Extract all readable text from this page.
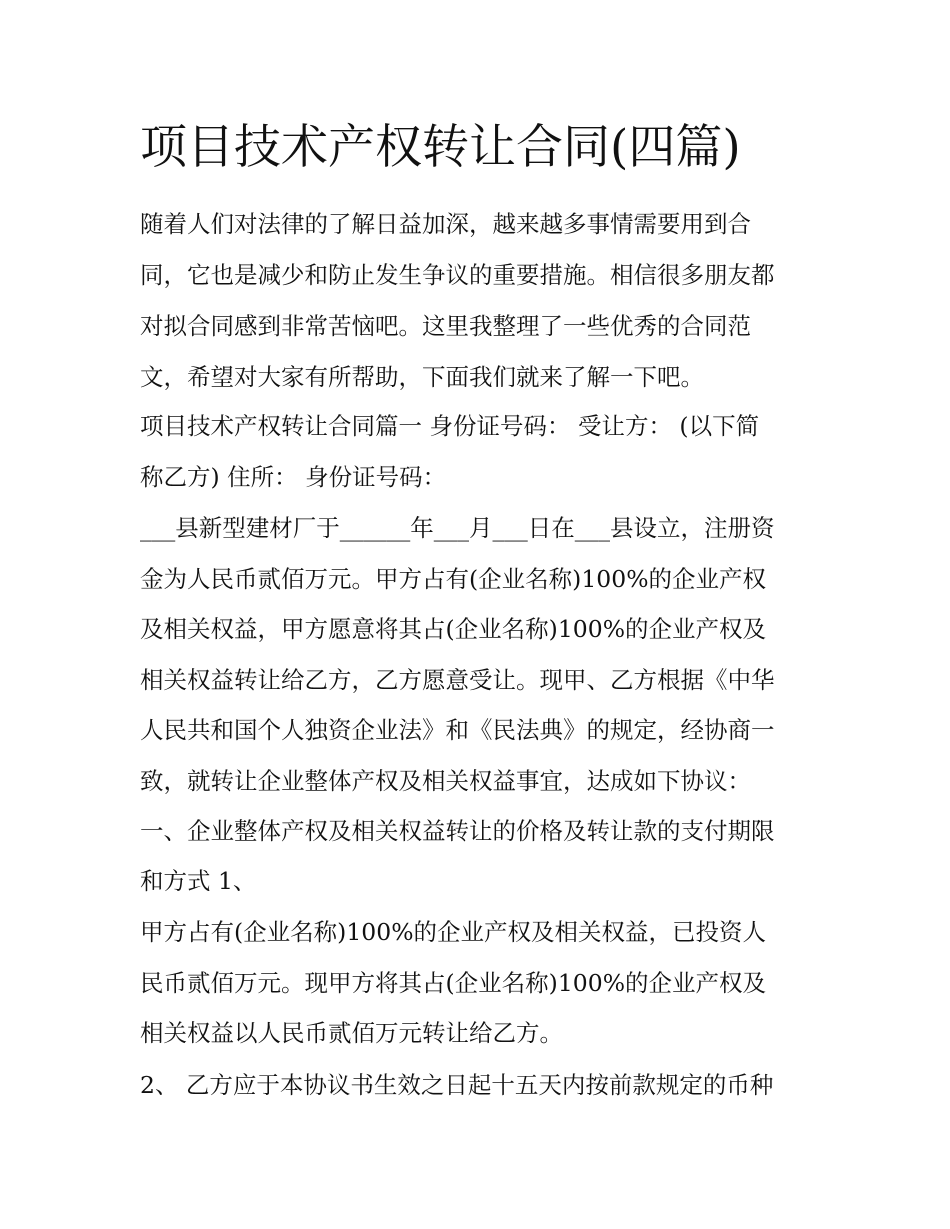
项目技术产权转让合同(四篇)

随着人们对法律的了解日益加深，越来越多事情需要用到合

同，它也是减少和防止发生争议的重要措施。相信很多朋友都

对拟合同感到非常苦恼吧。这里我整理了一些优秀的合同范

文，希望对大家有所帮助，下面我们就来了解一下吧。

项目技术产权转让合同篇一 身份证号码： 受让方： (以下简

称乙方) 住所： 身份证号码：

___县新型建材厂于______年___月___日在___县设立，注册资

金为人民币贰佰万元。甲方占有(企业名称)100%的企业产权

及相关权益，甲方愿意将其占(企业名称)100%的企业产权及

相关权益转让给乙方，乙方愿意受让。现甲、乙方根据《中华

人民共和国个人独资企业法》和《民法典》的规定，经协商一

致，就转让企业整体产权及相关权益事宜，达成如下协议：

一、企业整体产权及相关权益转让的价格及转让款的支付期限

和方式 1、

甲方占有(企业名称)100%的企业产权及相关权益，已投资人

民币贰佰万元。现甲方将其占(企业名称)100%的企业产权及

相关权益以人民币贰佰万元转让给乙方。

2、 乙方应于本协议书生效之日起十五天内按前款规定的币种
